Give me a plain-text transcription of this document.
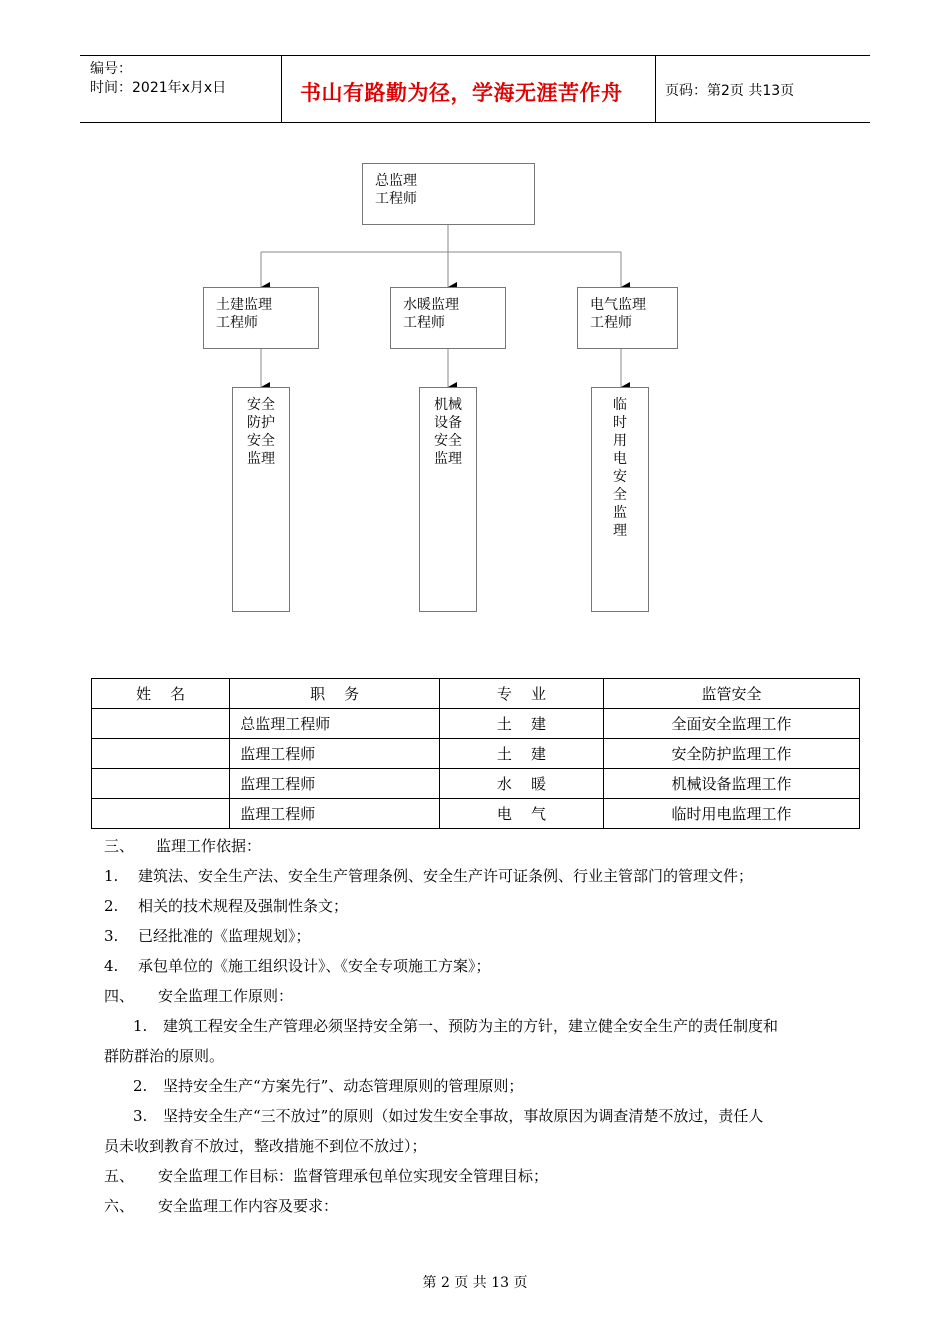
编号：
时间：2021年x月x日	书山有路勤为径，学海无涯苦作舟	页码：第2页 共13页
总监理
工程师
土建监理
工程师
水暖监理
工程师
电气监理
工程师
安全防护安全监理
机械设备安全监理
临时用电安全监理
姓    名	职    务	专    业	监管安全
	总监理工程师	土    建	全面安全监理工作
	监理工程师	土    建	安全防护监理工作
	监理工程师	水    暖	机械设备监理工作
	监理工程师	电    气	临时用电监理工作
三、 监理工作依据：
1. 建筑法、安全生产法、安全生产管理条例、安全生产许可证条例、行业主管部门的管理文件；
2. 相关的技术规程及强制性条文；
3. 已经批准的《监理规划》；
4. 承包单位的《施工组织设计》、《安全专项施工方案》；
四、 安全监理工作原则：
1. 建筑工程安全生产管理必须坚持安全第一、预防为主的方针，建立健全安全生产的责任制度和
群防群治的原则。
2. 坚持安全生产“方案先行”、动态管理原则的管理原则；
3. 坚持安全生产“三不放过”的原则（如过发生安全事故，事故原因为调查清楚不放过，责任人
员未收到教育不放过，整改措施不到位不放过）；
五、 安全监理工作目标：监督管理承包单位实现安全管理目标；
六、 安全监理工作内容及要求：
第 2 页 共 13 页
